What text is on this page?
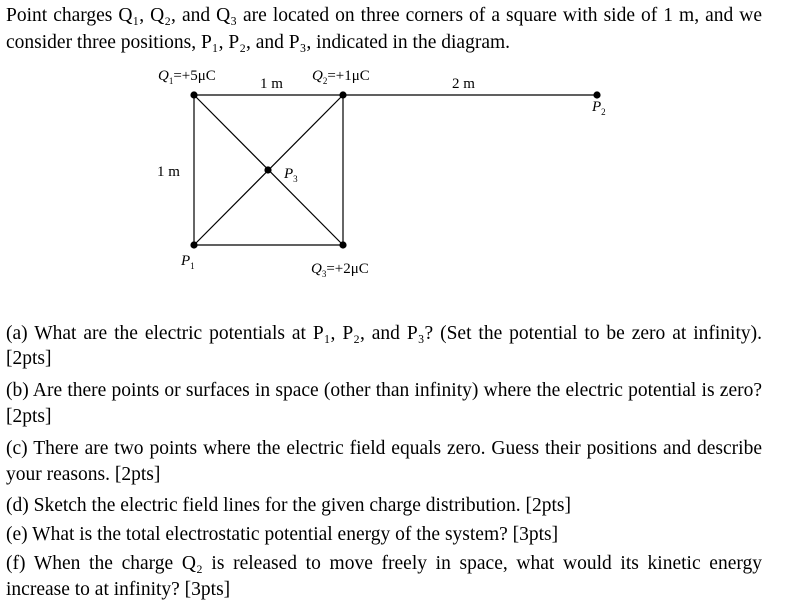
Point charges Q₁, Q₂, and Q₃ are located on three corners of a square with side of 1 m, and we
consider three positions, P₁, P₂, and P₃, indicated in the diagram.
$Q_1=+5\mu C$	$Q_2=+1\mu C$
$Q_3=+2\mu C$
$P_1$
$P_2$
$P_3$
1 m
1 m
2 m
(a) What are the electric potentials at P₁, P₂, and P₃? (Set the potential to be zero at infinity).
[2pts]
(b) Are there points or surfaces in space (other than infinity) where the electric potential is zero?
[2pts]
(c) There are two points where the electric field equals zero. Guess their positions and describe
your reasons. [2pts]
(d) Sketch the electric field lines for the given charge distribution. [2pts]
(e) What is the total electrostatic potential energy of the system? [3pts]
(f) When the charge Q₂ is released to move freely in space, what would its kinetic energy
increase to at infinity? [3pts]
